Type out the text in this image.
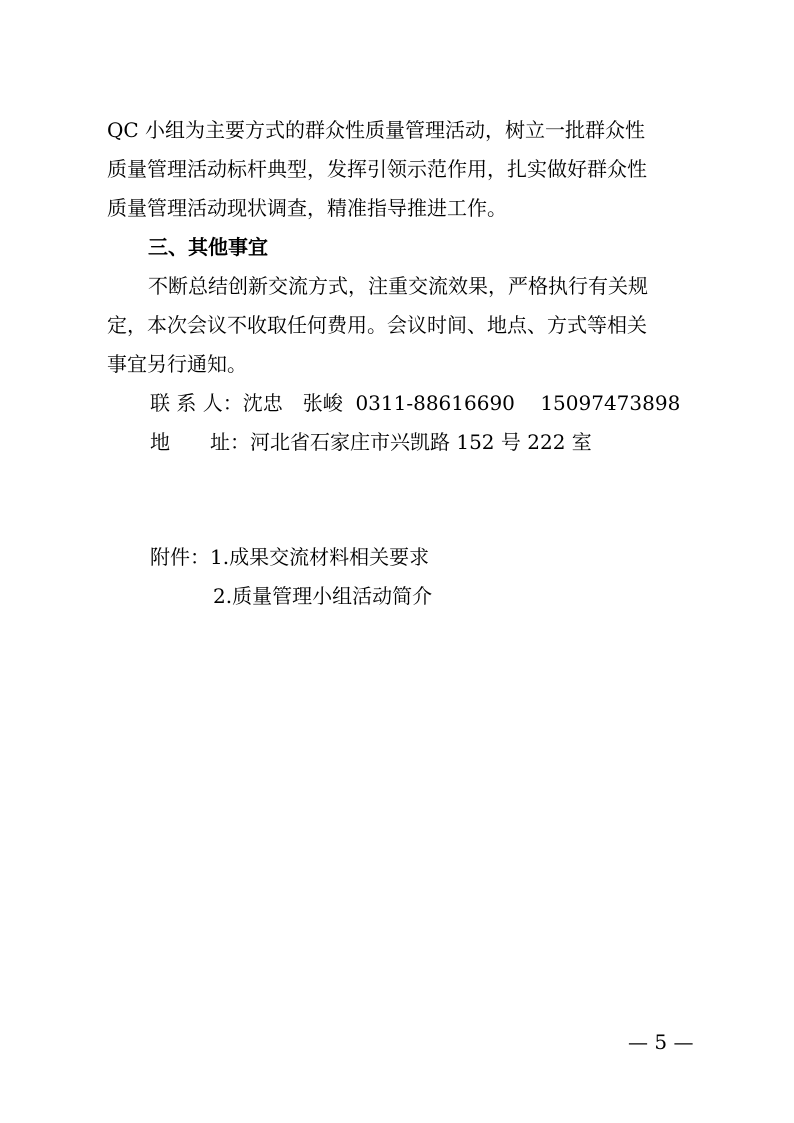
QC 小组为主要方式的群众性质量管理活动，树立一批群众性
质量管理活动标杆典型，发挥引领示范作用，扎实做好群众性
质量管理活动现状调查，精准指导推进工作。
三、其他事宜
不断总结创新交流方式，注重交流效果，严格执行有关规
定，本次会议不收取任何费用。会议时间、地点、方式等相关
事宜另行通知。
联 系 人：沈忠　张峻 0311-88616690 15097473898
地　　址：河北省石家庄市兴凯路 152 号 222 室
附件：1.成果交流材料相关要求
2.质量管理小组活动简介
— 5 —
